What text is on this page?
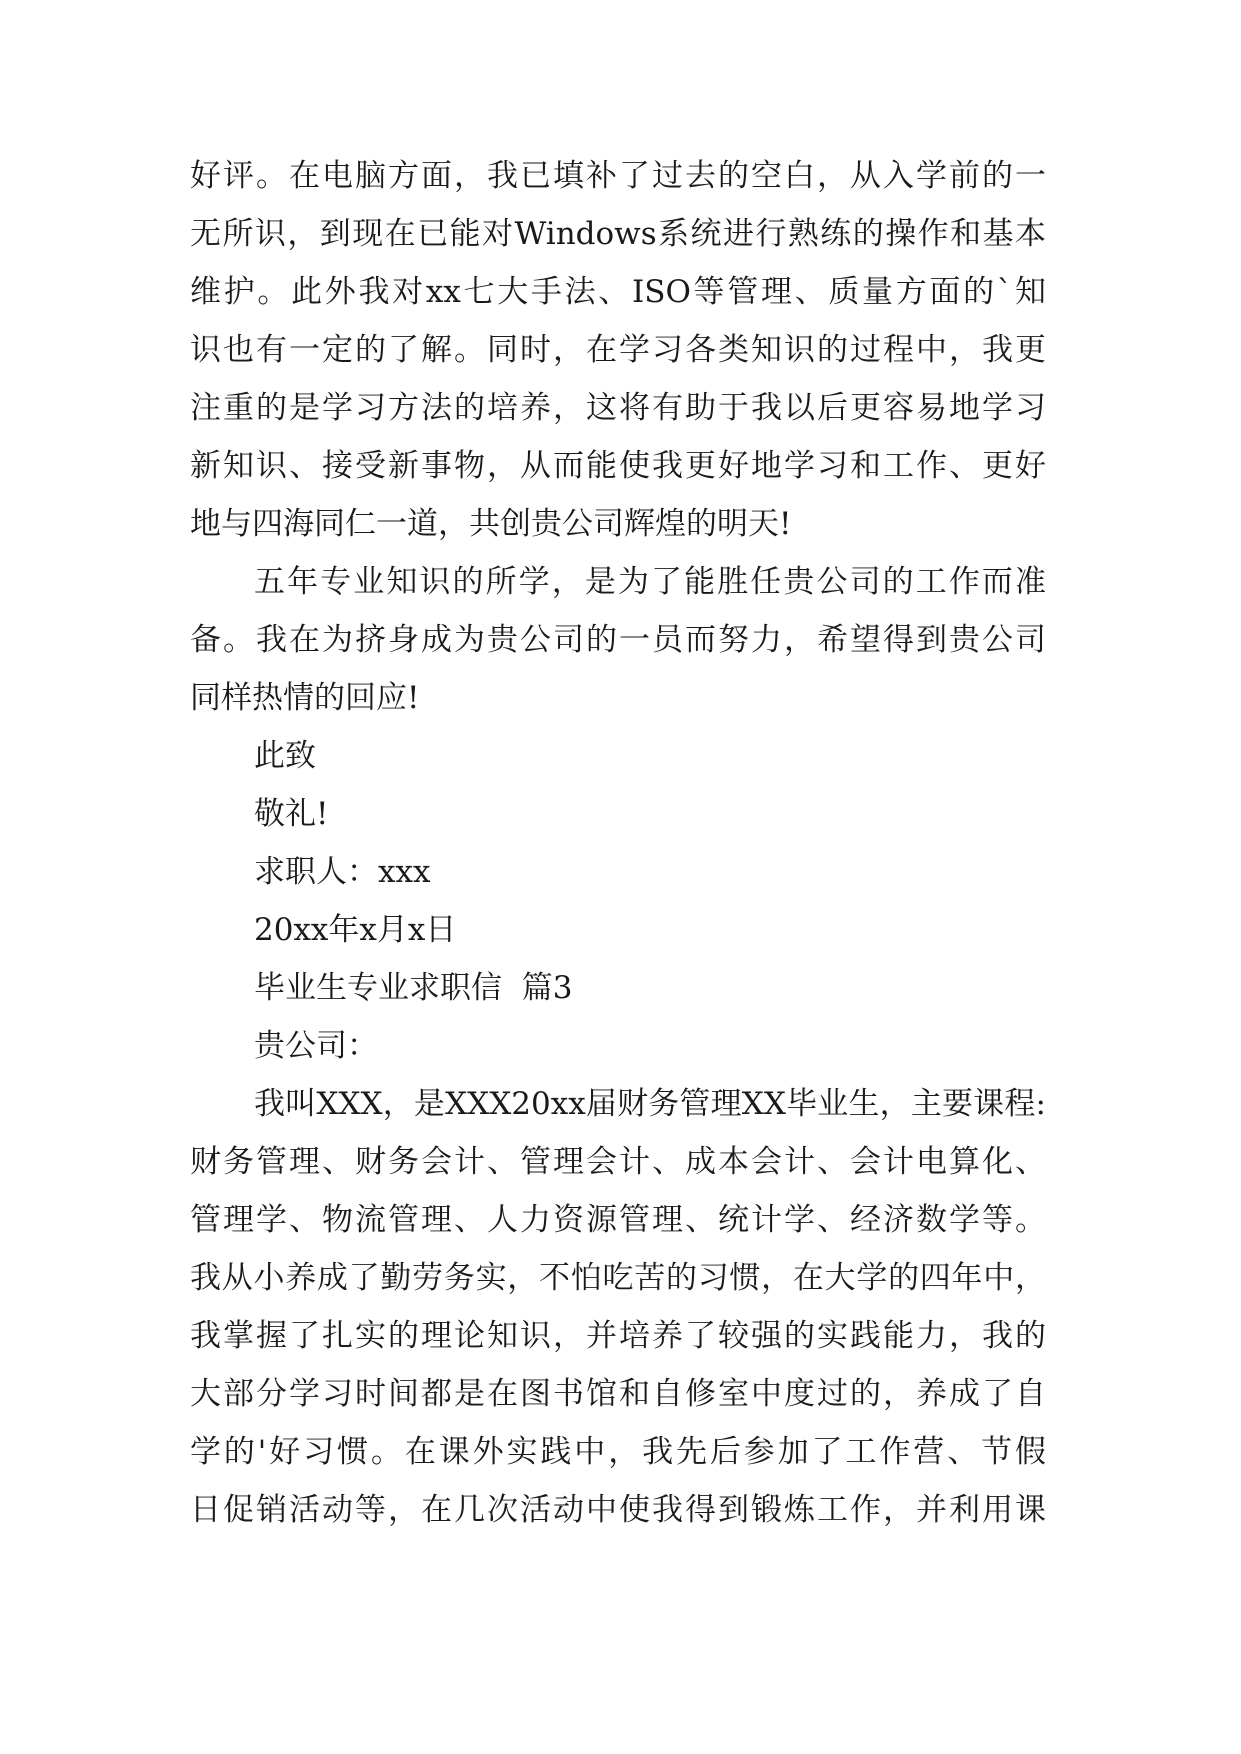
好评。在电脑方面，我已填补了过去的空白，从入学前的一

无所识，到现在已能对Windows系统进行熟练的操作和基本

维护。此外我对xx七大手法、ISO等管理、质量方面的`知

识也有一定的了解。同时，在学习各类知识的过程中，我更

注重的是学习方法的培养，这将有助于我以后更容易地学习

新知识、接受新事物，从而能使我更好地学习和工作、更好

地与四海同仁一道，共创贵公司辉煌的明天!

五年专业知识的所学，是为了能胜任贵公司的工作而准

备。我在为挤身成为贵公司的一员而努力，希望得到贵公司

同样热情的回应!

此致

敬礼!

求职人：xxx

20xx年x月x日

毕业生专业求职信  篇3

贵公司：

我叫XXX，是XXX20xx届财务管理XX毕业生，主要课程:

财务管理、财务会计、管理会计、成本会计、会计电算化、

管理学、物流管理、人力资源管理、统计学、经济数学等。

我从小养成了勤劳务实，不怕吃苦的习惯，在大学的四年中，

我掌握了扎实的理论知识，并培养了较强的实践能力，我的

大部分学习时间都是在图书馆和自修室中度过的，养成了自

学的'好习惯。在课外实践中，我先后参加了工作营、节假

日促销活动等，在几次活动中使我得到锻炼工作，并利用课
